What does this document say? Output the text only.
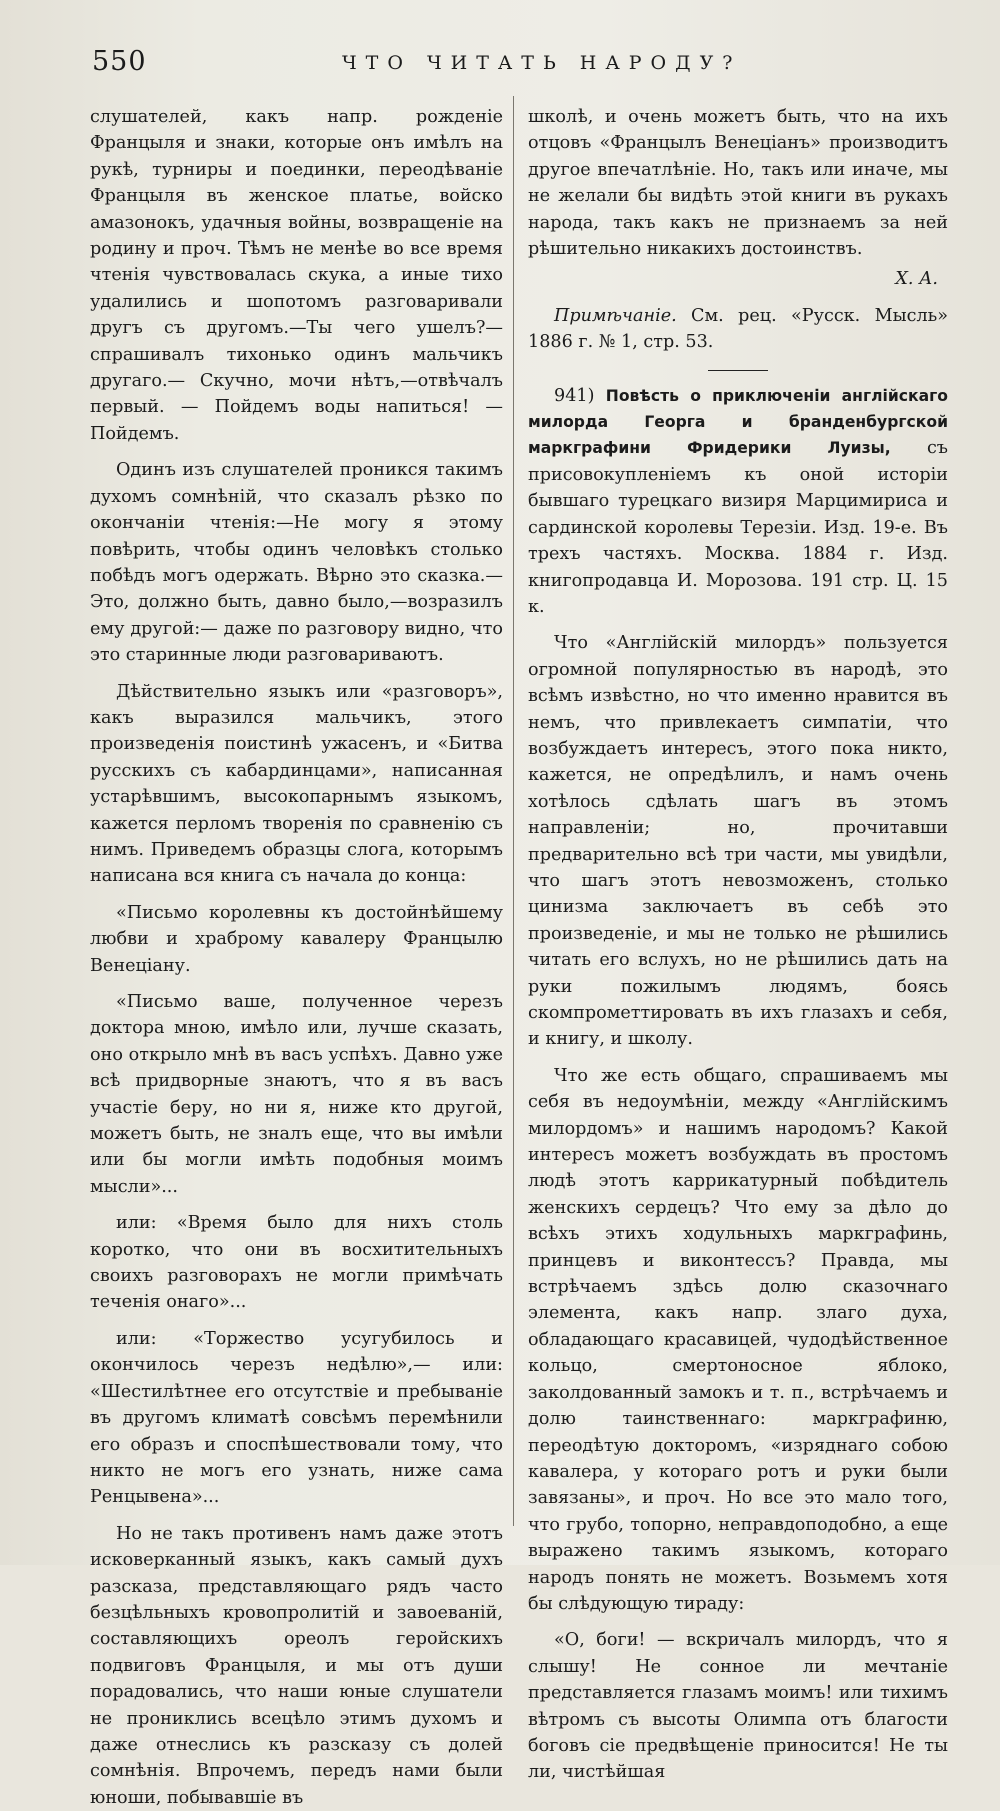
550	ЧТО ЧИТАТЬ НАРОДУ?

слушателей, какъ напр. рожденіе Францыля и знаки, которые онъ имѣлъ на рукѣ, турниры и поединки, переодѣваніе Францыля въ женское платье, войско амазонокъ, удачныя войны, возвращеніе на родину и проч. Тѣмъ не менѣе во все время чтенія чувствовалась скука, а иные тихо удалились и шопотомъ разговаривали другъ съ другомъ.—Ты чего ушелъ?— спрашивалъ тихонько одинъ мальчикъ другаго.— Скучно, мочи нѣтъ,—отвѣчалъ первый. — Пойдемъ воды напиться! — Пойдемъ.

Одинъ изъ слушателей проникся такимъ духомъ сомнѣній, что сказалъ рѣзко по окончаніи чтенія:—Не могу я этому повѣрить, чтобы одинъ человѣкъ столько побѣдъ могъ одержать. Вѣрно это сказка.—Это, должно быть, давно было,—возразилъ ему другой:— даже по разговору видно, что это старинные люди разговариваютъ.

Дѣйствительно языкъ или «разговоръ», какъ выразился мальчикъ, этого произведенія поистинѣ ужасенъ, и «Битва русскихъ съ кабардинцами», написанная устарѣвшимъ, высокопарнымъ языкомъ, кажется перломъ творенія по сравненію съ нимъ. Приведемъ образцы слога, которымъ написана вся книга съ начала до конца:

«Письмо королевны къ достойнѣйшему любви и храброму кавалеру Францылю Венеціану.

«Письмо ваше, полученное черезъ доктора мною, имѣло или, лучше сказать, оно открыло мнѣ въ васъ успѣхъ. Давно уже всѣ придворные знаютъ, что я въ васъ участіе беру, но ни я, ниже кто другой, можетъ быть, не зналъ еще, что вы имѣли или бы могли имѣть подобныя моимъ мысли»...

или: «Время было для нихъ столь коротко, что они въ восхитительныхъ своихъ разговорахъ не могли примѣчать теченія онаго»...

или: «Торжество усугубилось и окончилось черезъ недѣлю»,— или: «Шестилѣтнее его отсутствіе и пребываніе въ другомъ климатѣ совсѣмъ перемѣнили его образъ и споспѣшествовали тому, что никто не могъ его узнать, ниже сама Ренцывена»...

Но не такъ противенъ намъ даже этотъ исковерканный языкъ, какъ самый духъ разсказа, представляющаго рядъ часто безцѣльныхъ кровопролитій и завоеваній, составляющихъ ореолъ геройскихъ подвиговъ Францыля, и мы отъ души порадовались, что наши юные слушатели не прониклись всецѣло этимъ духомъ и даже отнеслись къ разсказу съ долей сомнѣнія. Впрочемъ, передъ нами были юноши, побывавшіе въ

школѣ, и очень можетъ быть, что на ихъ отцовъ «Францылъ Венеціанъ» производитъ другое впечатлѣніе. Но, такъ или иначе, мы не желали бы видѣть этой книги въ рукахъ народа, такъ какъ не признаемъ за ней рѣшительно никакихъ достоинствъ.

Х. А.

Примѣчаніе. См. рец. «Русск. Мысль» 1886 г. № 1, стр. 53.

941) Повѣсть о приключеніи англійскаго милорда Георга и бранденбургской маркграфини Фридерики Луизы, съ присовокупленіемъ къ оной исторіи бывшаго турецкаго визиря Марцимириса и сардинской королевы Терезіи. Изд. 19-е. Въ трехъ частяхъ. Москва. 1884 г. Изд. книгопродавца И. Морозова. 191 стр. Ц. 15 к.

Что «Англійскій милордъ» пользуется огромной популярностью въ народѣ, это всѣмъ извѣстно, но что именно нравится въ немъ, что привлекаетъ симпатіи, что возбуждаетъ интересъ, этого пока никто, кажется, не опредѣлилъ, и намъ очень хотѣлось сдѣлать шагъ въ этомъ направленіи; но, прочитавши предварительно всѣ три части, мы увидѣли, что шагъ этотъ невозможенъ, столько цинизма заключаетъ въ себѣ это произведеніе, и мы не только не рѣшились читать его вслухъ, но не рѣшились дать на руки пожилымъ людямъ, боясь скомпрометтировать въ ихъ глазахъ и себя, и книгу, и школу.

Что же есть общаго, спрашиваемъ мы себя въ недоумѣніи, между «Англійскимъ милордомъ» и нашимъ народомъ? Какой интересъ можетъ возбуждать въ простомъ людѣ этотъ каррикатурный побѣдитель женскихъ сердецъ? Что ему за дѣло до всѣхъ этихъ ходульныхъ маркграфинь, принцевъ и виконтессъ? Правда, мы встрѣчаемъ здѣсь долю сказочнаго элемента, какъ напр. злаго духа, обладающаго красавицей, чудодѣйственное кольцо, смертоносное яблоко, заколдованный замокъ и т. п., встрѣчаемъ и долю таинственнаго: маркграфиню, переодѣтую докторомъ, «изряднаго собою кавалера, у котораго ротъ и руки были завязаны», и проч. Но все это мало того, что грубо, топорно, неправдоподобно, а еще выражено такимъ языкомъ, котораго народъ понять не можетъ. Возьмемъ хотя бы слѣдующую тираду:

«О, боги! — вскричалъ милордъ, что я слышу! Не сонное ли мечтаніе представляется глазамъ моимъ! или тихимъ вѣтромъ съ высоты Олимпа отъ благости боговъ сіе предвѣщеніе приносится! Не ты ли, чистѣйшая
